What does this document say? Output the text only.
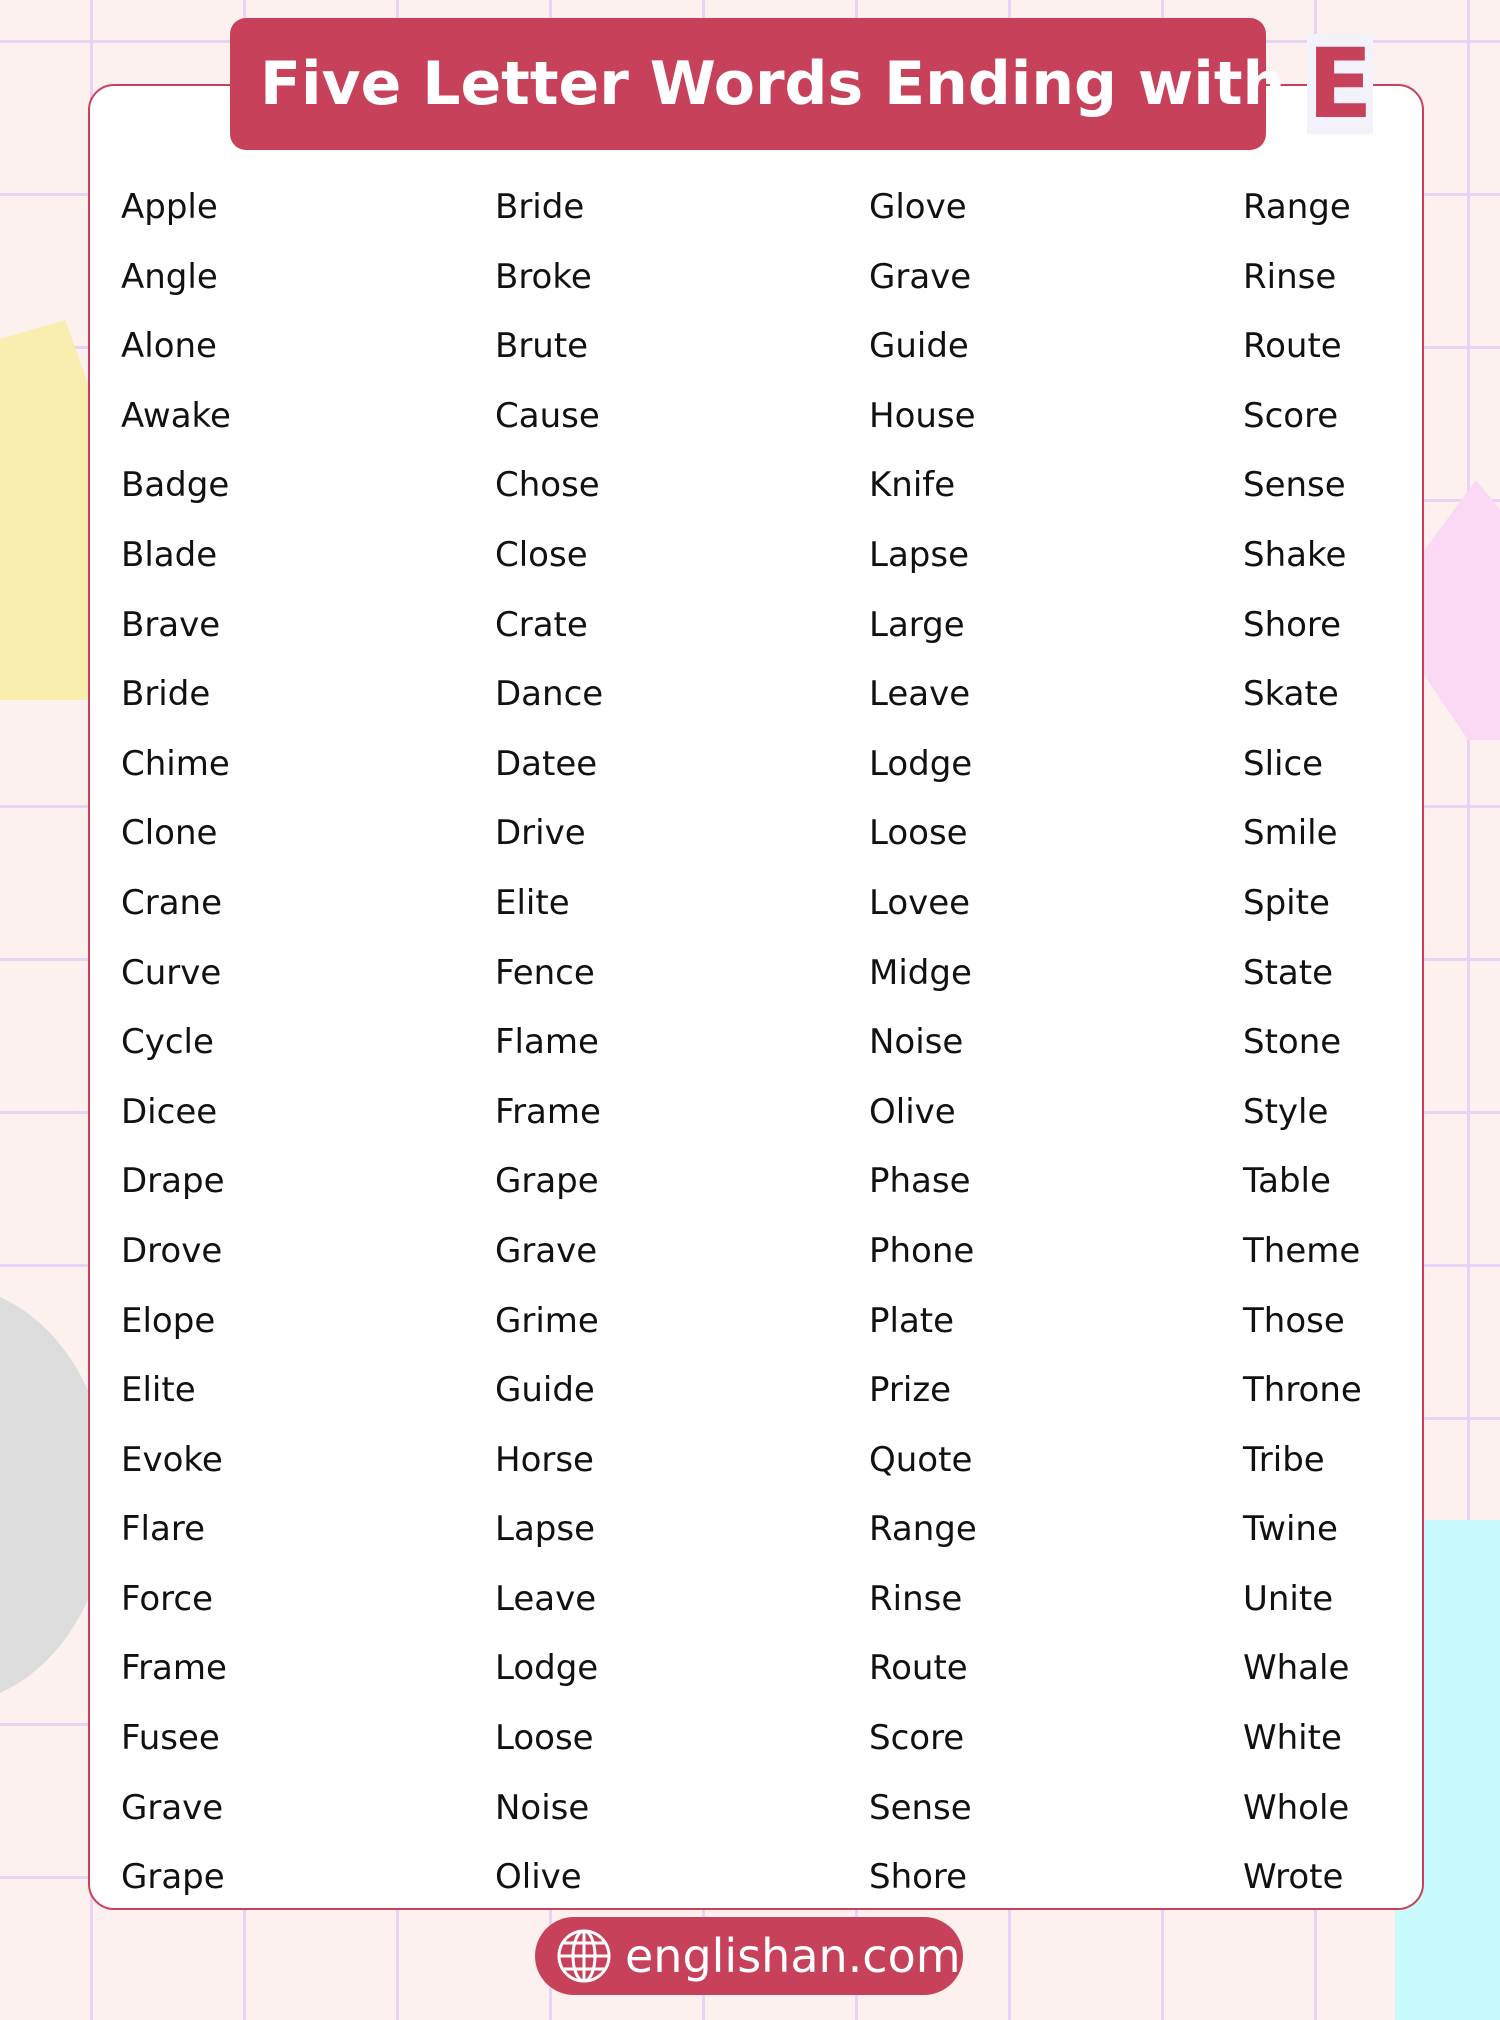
Five Letter Words Ending with E
Apple	Bride	Glove	Range
Angle	Broke	Grave	Rinse
Alone	Brute	Guide	Route
Awake	Cause	House	Score
Badge	Chose	Knife	Sense
Blade	Close	Lapse	Shake
Brave	Crate	Large	Shore
Bride	Dance	Leave	Skate
Chime	Datee	Lodge	Slice
Clone	Drive	Loose	Smile
Crane	Elite	Lovee	Spite
Curve	Fence	Midge	State
Cycle	Flame	Noise	Stone
Dicee	Frame	Olive	Style
Drape	Grape	Phase	Table
Drove	Grave	Phone	Theme
Elope	Grime	Plate	Those
Elite	Guide	Prize	Throne
Evoke	Horse	Quote	Tribe
Flare	Lapse	Range	Twine
Force	Leave	Rinse	Unite
Frame	Lodge	Route	Whale
Fusee	Loose	Score	White
Grave	Noise	Sense	Whole
Grape	Olive	Shore	Wrote
englishan.com
